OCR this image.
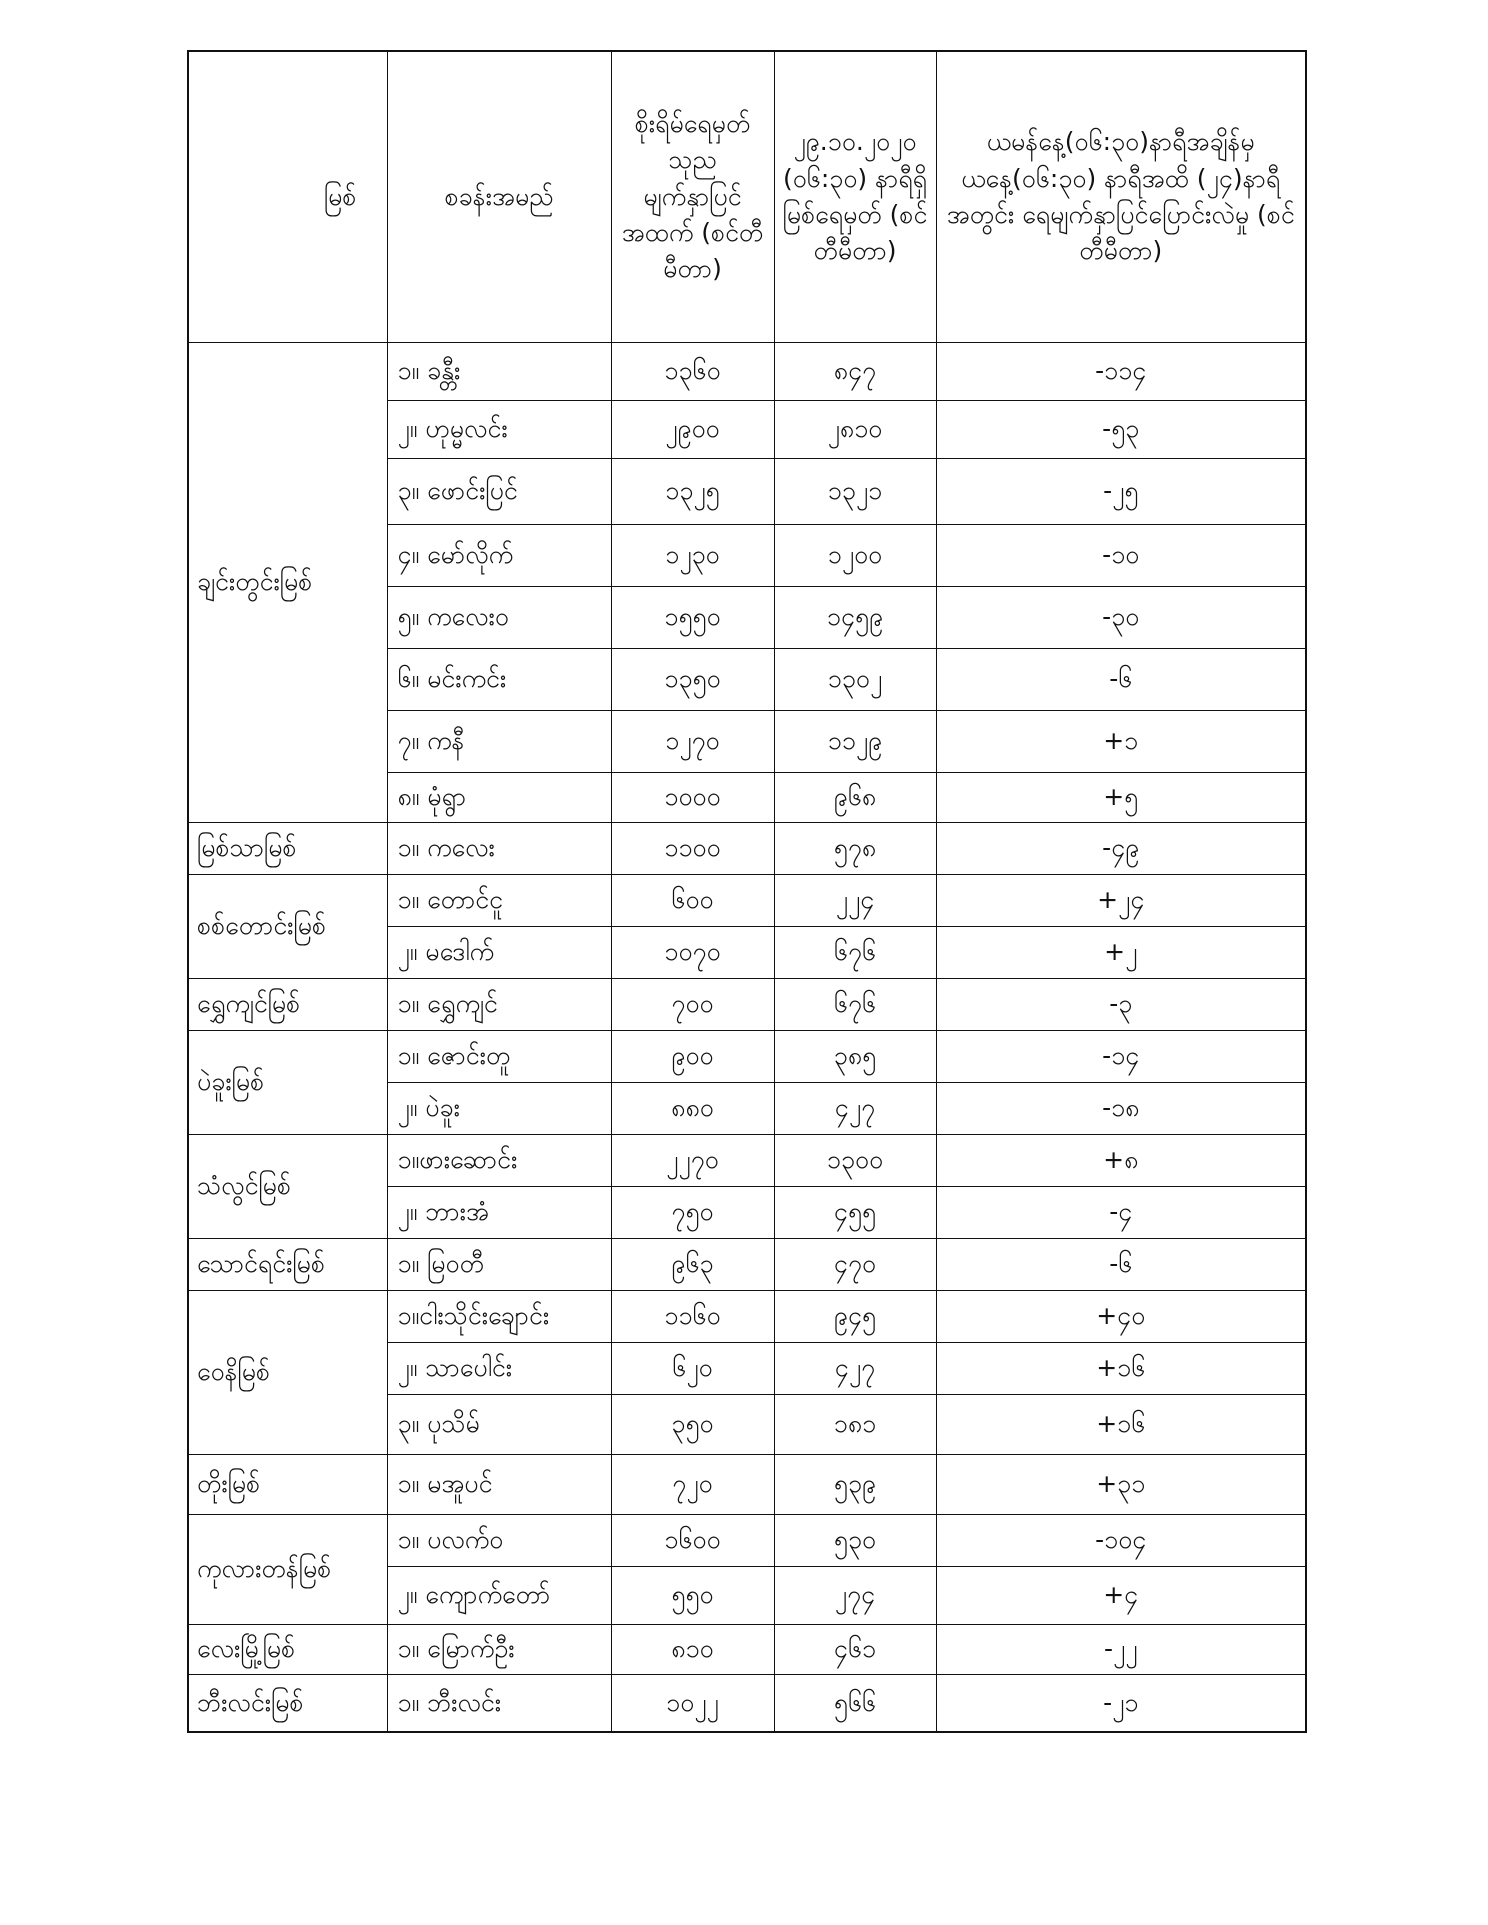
မြစ်	စခန်းအမည်	စိုးရိမ်ရေမှတ် သုည မျက်နှာပြင် အထက် (စင်တီမီတာ)	၂၉.၁၀.၂၀၂၀ (၀၆:၃၀) နာရီရှိ မြစ်ရေမှတ် (စင်တီမီတာ)	ယမန်နေ့(၀၆:၃၀)နာရီအချိန်မှ ယနေ့(၀၆:၃၀) နာရီအထိ (၂၄)နာရီအတွင်း ရေမျက်နှာပြင်ပြောင်းလဲမှု (စင်တီမီတာ)
ချင်းတွင်းမြစ်	၁။ ခန္တီး	၁၃၆၀	၈၄၇	-၁၁၄
	၂။ ဟုမ္မလင်း	၂၉၀၀	၂၈၁၀	-၅၃
	၃။ ဖောင်းပြင်	၁၃၂၅	၁၃၂၁	-၂၅
	၄။ မော်လိုက်	၁၂၃၀	၁၂၀၀	-၁၀
	၅။ ကလေးဝ	၁၅၅၀	၁၄၅၉	-၃၀
	၆။ မင်းကင်း	၁၃၅၀	၁၃၀၂	-၆
	၇။ ကနီ	၁၂၇၀	၁၁၂၉	+၁
	၈။ မုံရွာ	၁၀၀၀	၉၆၈	+၅
မြစ်သာမြစ်	၁။ ကလေး	၁၁၀၀	၅၇၈	-၄၉
စစ်တောင်းမြစ်	၁။ တောင်ငူ	၆၀၀	၂၂၄	+၂၄
	၂။ မဒေါက်	၁၀၇၀	၆၇၆	+၂
ရွှေကျင်မြစ်	၁။ ရွှေကျင်	၇၀၀	၆၇၆	-၃
ပဲခူးမြစ်	၁။ ဇောင်းတူ	၉၀၀	၃၈၅	-၁၄
	၂။ ပဲခူး	၈၈၀	၄၂၇	-၁၈
သံလွင်မြစ်	၁။ဖားဆောင်း	၂၂၇၀	၁၃၀၀	+၈
	၂။ ဘားအံ	၇၅၀	၄၅၅	-၄
သောင်ရင်းမြစ်	၁။ မြဝတီ	၉၆၃	၄၇၀	-၆
ဝေနိမြစ်	၁။ငါးသိုင်းချောင်း	၁၁၆၀	၉၄၅	+၄၀
	၂။ သာပေါင်း	၆၂၀	၄၂၇	+၁၆
	၃။ ပုသိမ်	၃၅၀	၁၈၁	+၁၆
တိုးမြစ်	၁။ မအူပင်	၇၂၀	၅၃၉	+၃၁
ကုလားတန်မြစ်	၁။ ပလက်ဝ	၁၆၀၀	၅၃၀	-၁၀၄
	၂။ ကျောက်တော်	၅၅၀	၂၇၄	+၄
လေးမြို့မြစ်	၁။ မြောက်ဦး	၈၁၀	၄၆၁	-၂၂
ဘီးလင်းမြစ်	၁။ ဘီးလင်း	၁၀၂၂	၅၆၆	-၂၁
